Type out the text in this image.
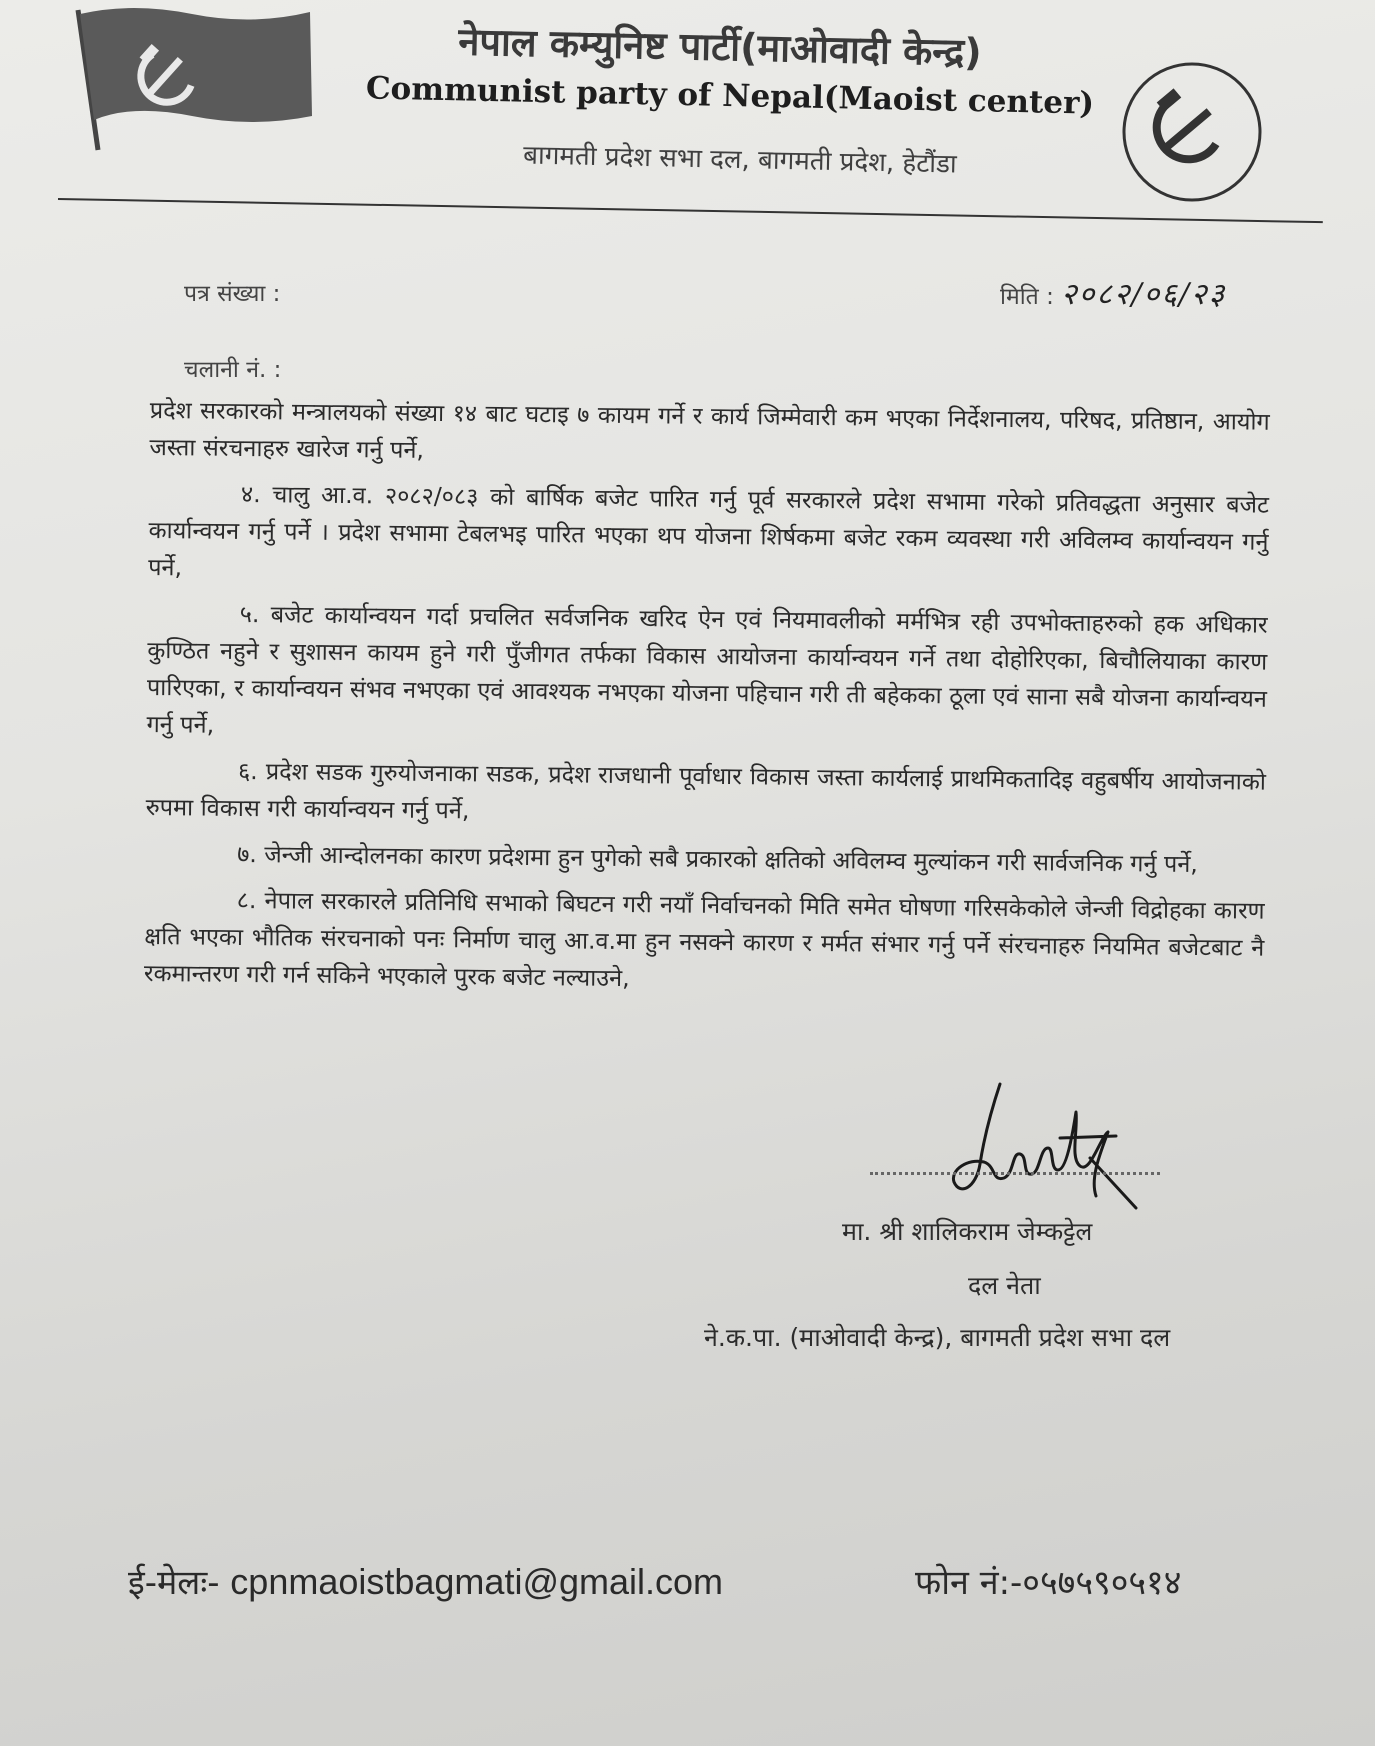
नेपाल कम्युनिष्ट पार्टी(माओवादी केन्द्र)
Communist party of Nepal(Maoist center)
बागमती प्रदेश सभा दल, बागमती प्रदेश, हेटौंडा
पत्र संख्या :
चलानी नं. :
मिति : २०८२/०६/२३

प्रदेश सरकारको मन्त्रालयको संख्या १४ बाट घटाइ ७ कायम गर्ने र कार्य जिम्मेवारी कम भएका निर्देशनालय, परिषद, प्रतिष्ठान, आयोग जस्ता संरचनाहरु खारेज गर्नु पर्ने,

४. चालु आ.व. २०८२/०८३ को बार्षिक बजेट पारित गर्नु पूर्व सरकारले प्रदेश सभामा गरेको प्रतिवद्धता अनुसार बजेट कार्यान्वयन गर्नु पर्ने । प्रदेश सभामा टेबलभइ पारित भएका थप योजना शिर्षकमा बजेट रकम व्यवस्था गरी अविलम्व कार्यान्वयन गर्नु पर्ने,

५. बजेट कार्यान्वयन गर्दा प्रचलित सर्वजनिक खरिद ऐन एवं नियमावलीको मर्मभित्र रही उपभोक्ताहरुको हक अधिकार कुण्ठित नहुने र सुशासन कायम हुने गरी पुँजीगत तर्फका विकास आयोजना कार्यान्वयन गर्ने तथा दोहोरिएका, बिचौलियाका कारण पारिएका, र कार्यान्वयन संभव नभएका एवं आवश्यक नभएका योजना पहिचान गरी ती बहेकका ठूला एवं साना सबै योजना कार्यान्वयन गर्नु पर्ने,

६. प्रदेश सडक गुरुयोजनाका सडक, प्रदेश राजधानी पूर्वाधार विकास जस्ता कार्यलाई प्राथमिकतादिइ वहुबर्षीय आयोजनाको रुपमा विकास गरी कार्यान्वयन गर्नु पर्ने,

७. जेन्जी आन्दोलनका कारण प्रदेशमा हुन पुगेको सबै प्रकारको क्षतिको अविलम्व मुल्यांकन गरी सार्वजनिक गर्नु पर्ने,

८. नेपाल सरकारले प्रतिनिधि सभाको बिघटन गरी नयाँ निर्वाचनको मिति समेत घोषणा गरिसकेकोले जेन्जी विद्रोहका कारण क्षति भएका भौतिक संरचनाको पनः निर्माण चालु आ.व.मा हुन नसक्ने कारण र मर्मत संभार गर्नु पर्ने संरचनाहरु नियमित बजेटबाट नै रकमान्तरण गरी गर्न सकिने भएकाले पुरक बजेट नल्याउने,

मा. श्री शालिकराम जेम्कट्टेल
दल नेता
ने.क.पा. (माओवादी केन्द्र), बागमती प्रदेश सभा दल
ई-मेलः- cpnmaoistbagmati@gmail.com	फोन नं:-०५७५९०५१४
